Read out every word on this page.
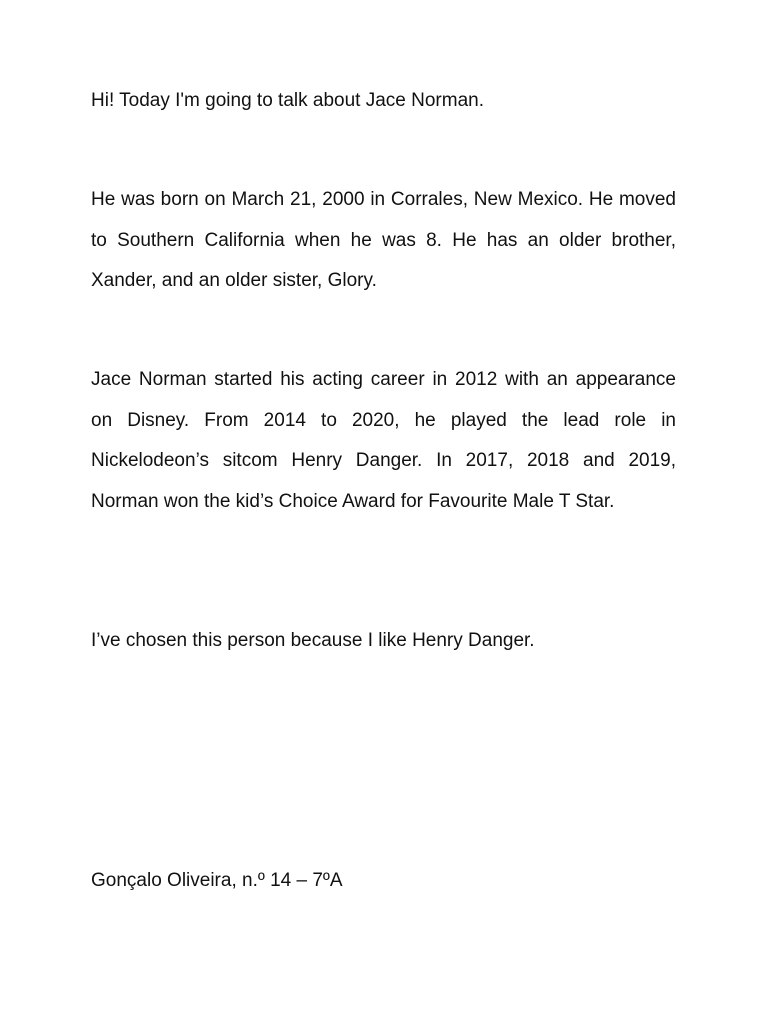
Hi! Today I'm going to talk about Jace Norman.

He was born on March 21, 2000 in Corrales, New Mexico. He moved to Southern California when he was 8. He has an older brother, Xander, and an older sister, Glory.

Jace Norman started his acting career in 2012 with an appearance on Disney. From 2014 to 2020, he played the lead role in Nickelodeon’s sitcom Henry Danger. In 2017, 2018 and 2019, Norman won the kid’s Choice Award for Favourite Male T Star.

I’ve chosen this person because I like Henry Danger.

Gonçalo Oliveira, n.º 14 – 7ºA
